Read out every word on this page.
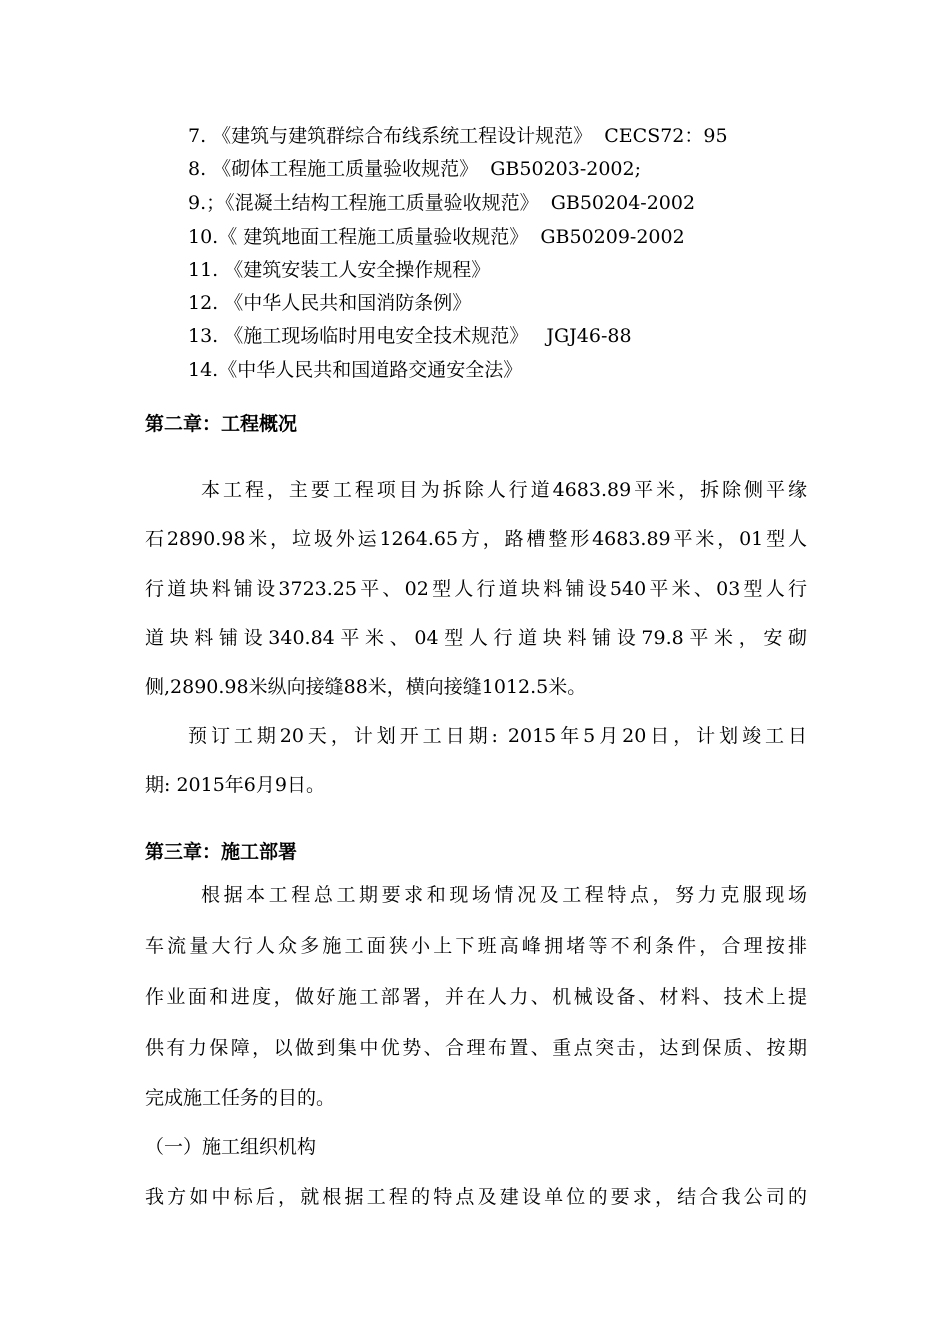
7. 《建筑与建筑群综合布线系统工程设计规范》  CECS72：95
8. 《砌体工程施工质量验收规范》  GB50203-2002;
9.；《混凝土结构工程施工质量验收规范》  GB50204-2002
10.《 建筑地面工程施工质量验收规范》  GB50209-2002
11. 《建筑安装工人安全操作规程》
12. 《中华人民共和国消防条例》
13. 《施工现场临时用电安全技术规范》   JGJ46-88
14.《中华人民共和国道路交通安全法》
第二章：工程概况
本工程，主要工程项目为拆除人行道4683.89平米，拆除侧平缘
石2890.98米，垃圾外运1264.65方，路槽整形4683.89平米，01型人
行道块料铺设3723.25平、02型人行道块料铺设540平米、03型人行
道块料铺设340.84平米、04型人行道块料铺设79.8平米，安砌
侧,2890.98米纵向接缝88米，横向接缝1012.5米。
预订工期20天，计划开工日期: 2015年5月20日，计划竣工日
期: 2015年6月9日。
第三章：施工部署
根据本工程总工期要求和现场情况及工程特点，努力克服现场
车流量大行人众多施工面狭小上下班高峰拥堵等不利条件，合理按排
作业面和进度，做好施工部署，并在人力、机械设备、材料、技术上提
供有力保障，以做到集中优势、合理布置、重点突击，达到保质、按期
完成施工任务的目的。
（一）施工组织机构
我方如中标后，就根据工程的特点及建设单位的要求，结合我公司的
